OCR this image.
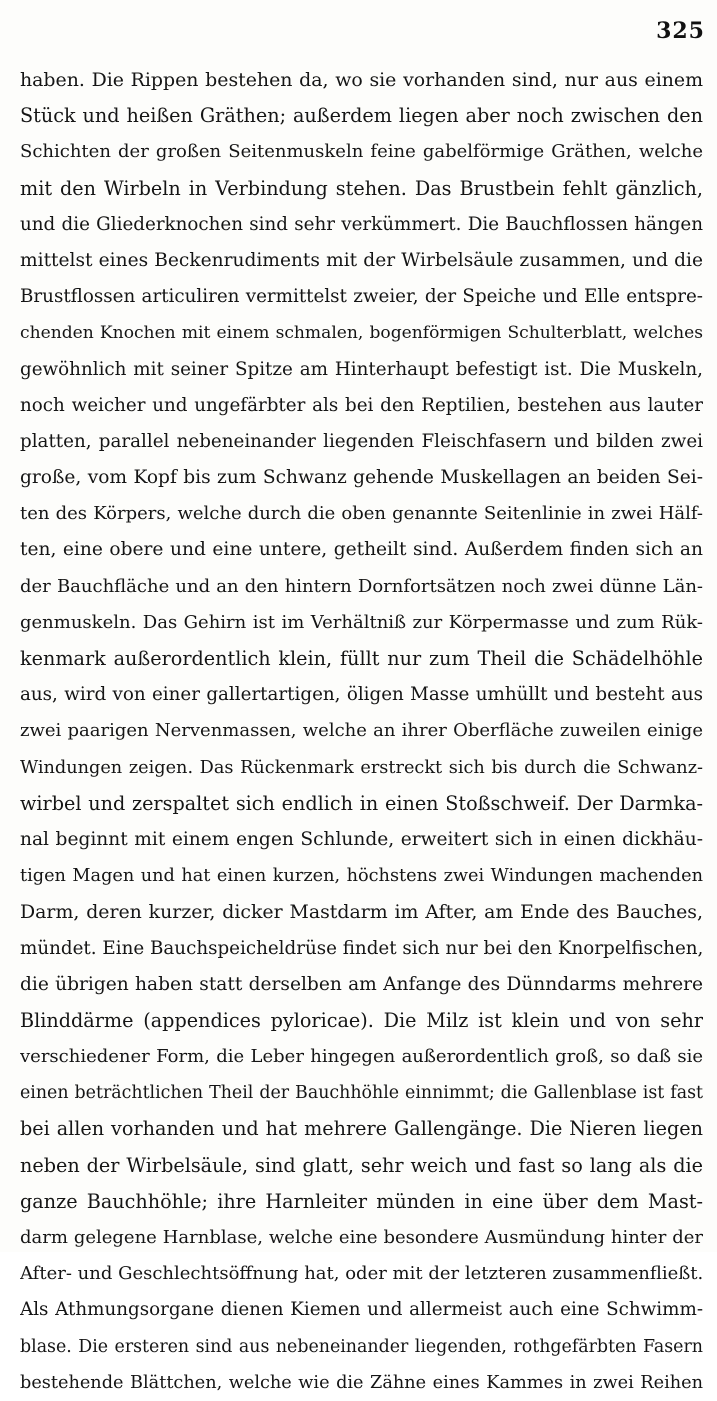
325
haben. Die Rippen bestehen da, wo sie vorhanden sind, nur aus einem
Stück und heißen Gräthen; außerdem liegen aber noch zwischen den
Schichten der großen Seitenmuskeln feine gabelförmige Gräthen, welche
mit den Wirbeln in Verbindung stehen. Das Brustbein fehlt gänzlich,
und die Gliederknochen sind sehr verkümmert. Die Bauchflossen hängen
mittelst eines Beckenrudiments mit der Wirbelsäule zusammen, und die
Brustflossen articuliren vermittelst zweier, der Speiche und Elle entspre-
chenden Knochen mit einem schmalen, bogenförmigen Schulterblatt, welches
gewöhnlich mit seiner Spitze am Hinterhaupt befestigt ist. Die Muskeln,
noch weicher und ungefärbter als bei den Reptilien, bestehen aus lauter
platten, parallel nebeneinander liegenden Fleischfasern und bilden zwei
große, vom Kopf bis zum Schwanz gehende Muskellagen an beiden Sei-
ten des Körpers, welche durch die oben genannte Seitenlinie in zwei Hälf-
ten, eine obere und eine untere, getheilt sind. Außerdem finden sich an
der Bauchfläche und an den hintern Dornfortsätzen noch zwei dünne Län-
genmuskeln. Das Gehirn ist im Verhältniß zur Körpermasse und zum Rük-
kenmark außerordentlich klein, füllt nur zum Theil die Schädelhöhle
aus, wird von einer gallertartigen, öligen Masse umhüllt und besteht aus
zwei paarigen Nervenmassen, welche an ihrer Oberfläche zuweilen einige
Windungen zeigen. Das Rückenmark erstreckt sich bis durch die Schwanz-
wirbel und zerspaltet sich endlich in einen Stoßschweif. Der Darmka-
nal beginnt mit einem engen Schlunde, erweitert sich in einen dickhäu-
tigen Magen und hat einen kurzen, höchstens zwei Windungen machenden
Darm, deren kurzer, dicker Mastdarm im After, am Ende des Bauches,
mündet. Eine Bauchspeicheldrüse findet sich nur bei den Knorpelfischen,
die übrigen haben statt derselben am Anfange des Dünndarms mehrere
Blinddärme (appendices pyloricae). Die Milz ist klein und von sehr
verschiedener Form, die Leber hingegen außerordentlich groß, so daß sie
einen beträchtlichen Theil der Bauchhöhle einnimmt; die Gallenblase ist fast
bei allen vorhanden und hat mehrere Gallengänge. Die Nieren liegen
neben der Wirbelsäule, sind glatt, sehr weich und fast so lang als die
ganze Bauchhöhle; ihre Harnleiter münden in eine über dem Mast-
darm gelegene Harnblase, welche eine besondere Ausmündung hinter der
After- und Geschlechtsöffnung hat, oder mit der letzteren zusammenfließt.
Als Athmungsorgane dienen Kiemen und allermeist auch eine Schwimm-
blase. Die ersteren sind aus nebeneinander liegenden, rothgefärbten Fasern
bestehende Blättchen, welche wie die Zähne eines Kammes in zwei Reihen
